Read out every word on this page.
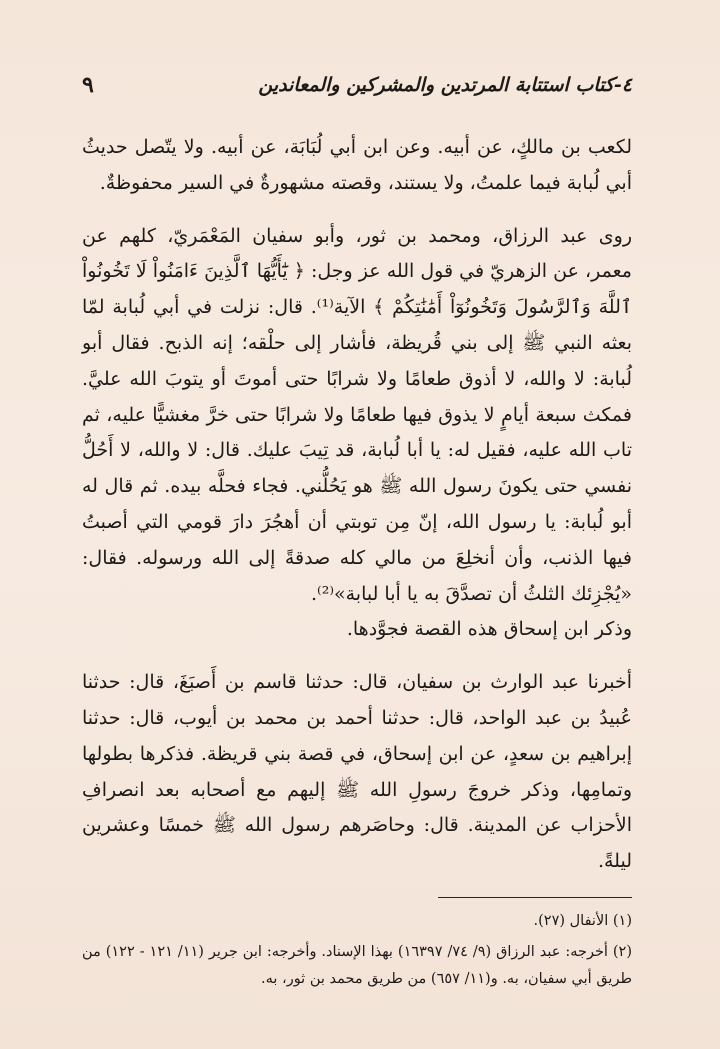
٤-كتاب استتابة المرتدين والمشركين والمعاندين
٩

لكعب بن مالكٍ، عن أبيه. وعن ابن أبي لُبَابَة، عن أبيه. ولا يتّصل حديثُ أبي لُبابة فيما علمتُ، ولا يستند، وقصته مشهورةٌ في السير محفوظةٌ.

روى عبد الرزاق، ومحمد بن ثور، وأبو سفيان المَعْمَريّ، كلهم عن معمر، عن الزهريّ في قول الله عز وجل: ﴿ يَٰٓأَيُّهَا ٱلَّذِينَ ءَامَنُواْ لَا تَخُونُواْ ٱللَّهَ وَٱلرَّسُولَ وَتَخُونُوٓاْ أَمَٰنَٰتِكُمْ ﴾ الآية⁽¹⁾. قال: نزلت في أبي لُبابة لمّا بعثه النبي ﷺ إلى بني قُريظة، فأشار إلى حلْقه؛ إنه الذبح. فقال أبو لُبابة: لا والله، لا أذوق طعامًا ولا شرابًا حتى أموتَ أو يتوبَ الله عليَّ. فمكث سبعة أيامٍ لا يذوق فيها طعامًا ولا شرابًا حتى خرَّ مغشيًّا عليه، ثم تاب الله عليه، فقيل له: يا أبا لُبابة، قد تِيبَ عليك. قال: لا والله، لا أَحُلُّ نفسي حتى يكونَ رسول الله ﷺ هو يَحُلُّني. فجاء فحلَّه بيده. ثم قال له أبو لُبابة: يا رسول الله، إنّ مِن توبتي أن أهجُرَ دارَ قومي التي أصبتُ فيها الذنب، وأن أنخلِعَ من مالي كله صدقةً إلى الله ورسوله. فقال: «يُجْزِئك الثلثُ أن تصدَّقَ به يا أبا لبابة»⁽²⁾.

وذكر ابن إسحاق هذه القصة فجوَّدها.

أخبرنا عبد الوارث بن سفيان، قال: حدثنا قاسم بن أَصبَغَ، قال: حدثنا عُبيدُ بن عبد الواحد، قال: حدثنا أحمد بن محمد بن أيوب، قال: حدثنا إبراهيم بن سعدٍ، عن ابن إسحاق، في قصة بني قريظة. فذكرها بطولها وتمامِها، وذكر خروجَ رسولِ الله ﷺ إليهم مع أصحابه بعد انصرافِ الأحزاب عن المدينة. قال: وحاصَرهم رسول الله ﷺ خمسًا وعشرين ليلةً.

(١) الأنفال (٢٧).

(٢) أخرجه: عبد الرزاق (٩/ ٧٤/ ١٦٣٩٧) بهذا الإسناد. وأخرجه: ابن جرير (١١/ ١٢١ - ١٢٢) من طريق أبي سفيان، به. و(١١/ ٦٥٧) من طريق محمد بن ثور، به.
